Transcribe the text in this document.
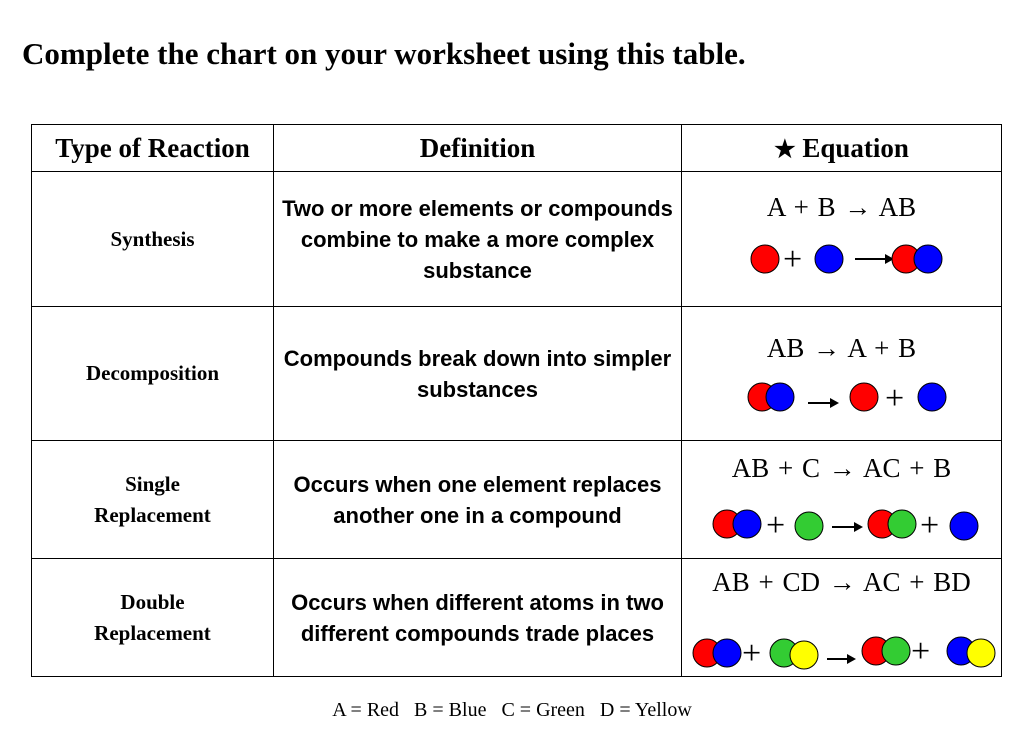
Complete the chart on your worksheet using this table.
Type of Reaction	Definition	★ Equation
Synthesis	Two or more elements or compounds combine to make a more complex substance	A + B → AB
+

Decomposition	Compounds break down into simpler substances	AB → A + B
+

Single
Replacement	Occurs when one element replaces another one in a compound	AB + C → AC + B
+ +

Double
Replacement	Occurs when different atoms in two different compounds trade places	AB + CD → AC + BD
+ +
A = Red   B = Blue   C = Green   D = Yellow
